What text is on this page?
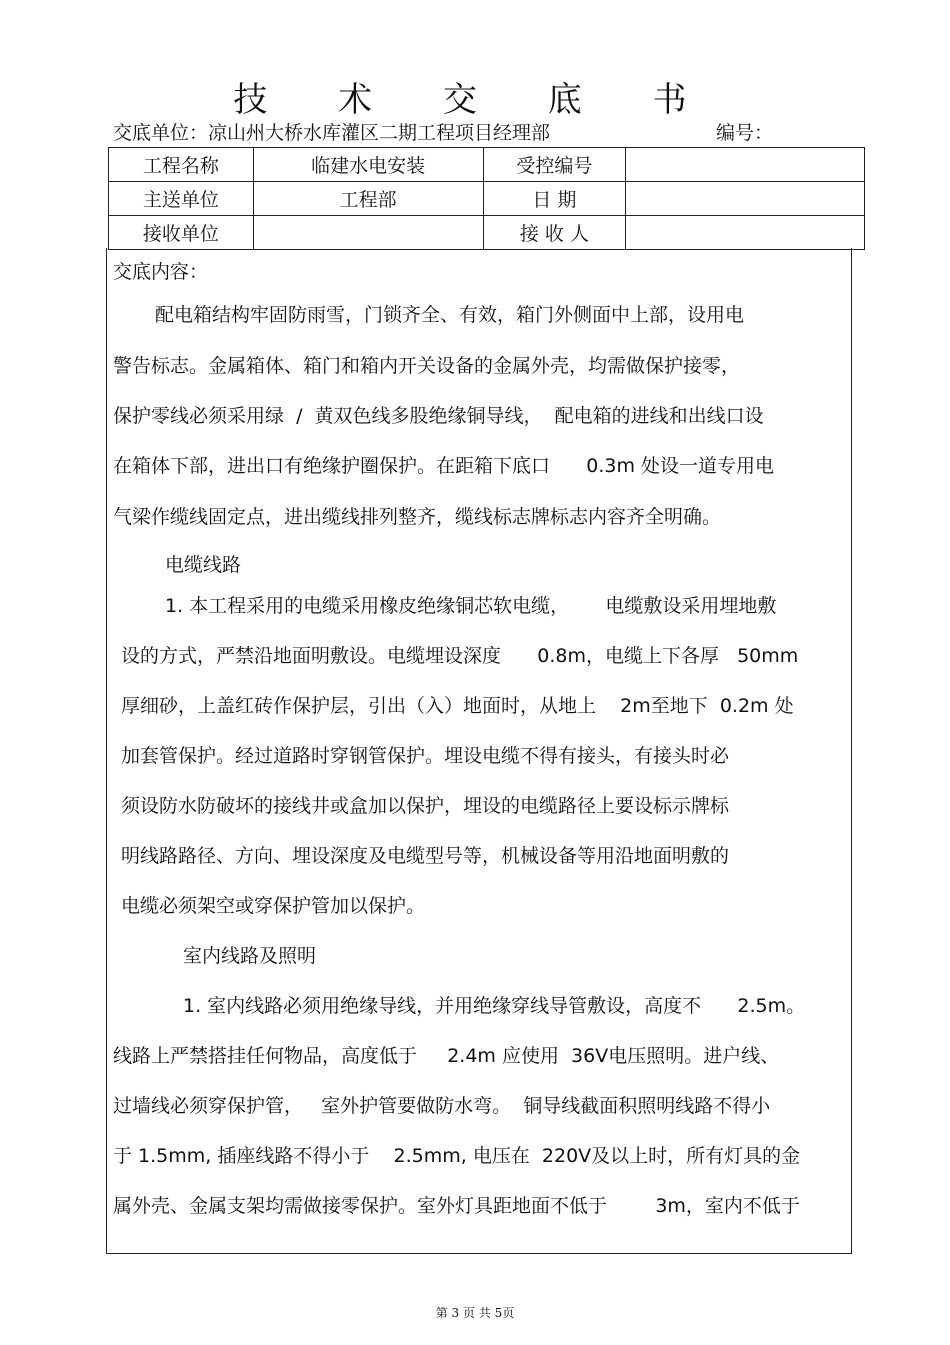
技 术 交 底 书
交底单位：凉山州大桥水库灌区二期工程项目经理部	编号：
工程名称	临建水电安装	受控编号	
主送单位	工程部	日 期	
接收单位		接 收 人	
交底内容：
配电箱结构牢固防雨雪，门锁齐全、有效，箱门外侧面中上部，设用电
警告标志。金属箱体、箱门和箱内开关设备的金属外壳，均需做保护接零，
保护零线必须采用绿  /  黄双色线多股绝缘铜导线，  配电箱的进线和出线口设
在箱体下部，进出口有绝缘护圈保护。在距箱下底口      0.3m 处设一道专用电
气梁作缆线固定点，进出缆线排列整齐，缆线标志牌标志内容齐全明确。
电缆线路
1. 本工程采用的电缆采用橡皮绝缘铜芯软电缆，      电缆敷设采用埋地敷
设的方式，严禁沿地面明敷设。电缆埋设深度      0.8m，电缆上下各厚   50mm
厚细砂，上盖红砖作保护层，引出（入）地面时，从地上    2m至地下  0.2m 处
加套管保护。经过道路时穿钢管保护。埋设电缆不得有接头，有接头时必
须设防水防破坏的接线井或盒加以保护，埋设的电缆路径上要设标示牌标
明线路路径、方向、埋设深度及电缆型号等，机械设备等用沿地面明敷的
电缆必须架空或穿保护管加以保护。
室内线路及照明
1. 室内线路必须用绝缘导线，并用绝缘穿线导管敷设，高度不      2.5m。
线路上严禁搭挂任何物品，高度低于     2.4m 应使用  36V电压照明。进户线、
过墙线必须穿保护管，   室外护管要做防水弯。  铜导线截面积照明线路不得小
于 1.5mm, 插座线路不得小于    2.5mm, 电压在  220V及以上时，所有灯具的金
属外壳、金属支架均需做接零保护。室外灯具距地面不低于        3m，室内不低于
第 3 页 共 5页
